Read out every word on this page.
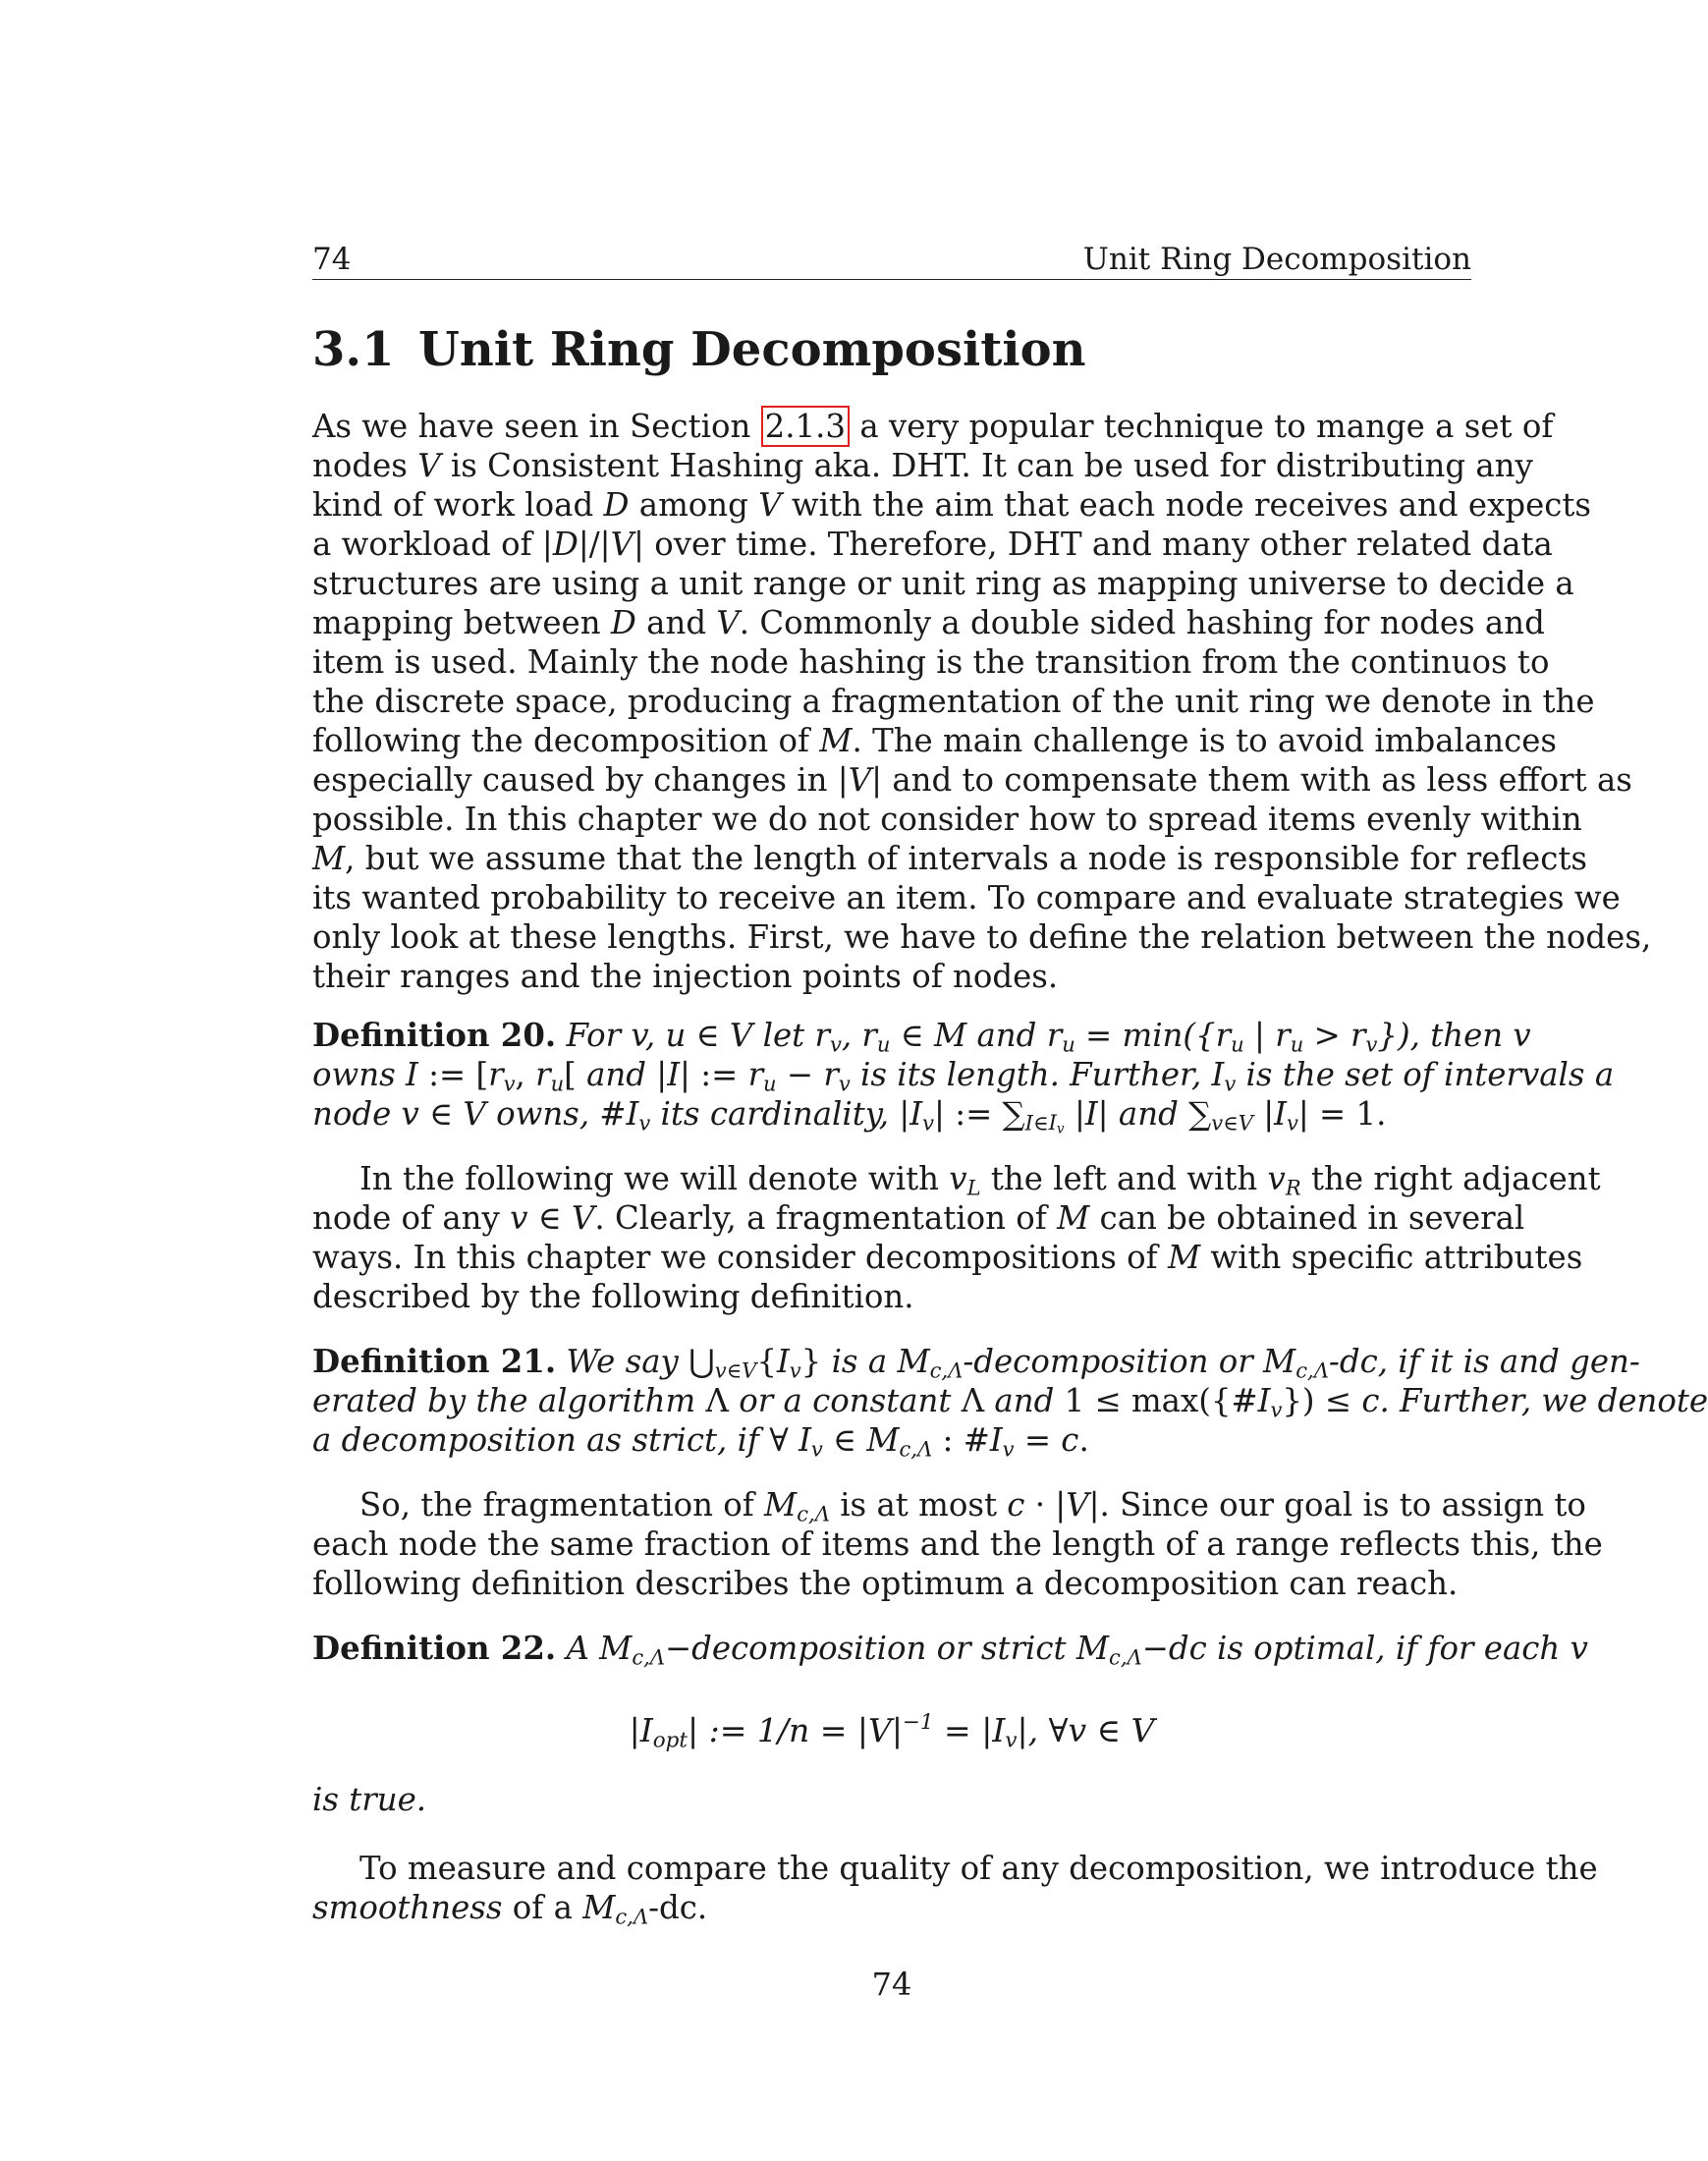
74	Unit Ring Decomposition
3.1 Unit Ring Decomposition
As we have seen in Section 2.1.3 a very popular technique to mange a set of
nodes V is Consistent Hashing aka. DHT. It can be used for distributing any
kind of work load D among V with the aim that each node receives and expects
a workload of |D|/|V| over time. Therefore, DHT and many other related data
structures are using a unit range or unit ring as mapping universe to decide a
mapping between D and V. Commonly a double sided hashing for nodes and
item is used. Mainly the node hashing is the transition from the continuos to
the discrete space, producing a fragmentation of the unit ring we denote in the
following the decomposition of M. The main challenge is to avoid imbalances
especially caused by changes in |V| and to compensate them with as less effort as
possible. In this chapter we do not consider how to spread items evenly within
M, but we assume that the length of intervals a node is responsible for reflects
its wanted probability to receive an item. To compare and evaluate strategies we
only look at these lengths. First, we have to define the relation between the nodes,
their ranges and the injection points of nodes.
Definition 20. For v, u ∈ V let $r_v$, $r_u$ ∈ M and $r_u = \min(\{r_u$ | $r_u > r_v$}), then v
owns I := [$r_v$, $r_u$[ and |I| := $r_u - r_v$ is its length. Further, $I_v$ is the set of intervals a
node v ∈ V owns, $\#I_v$ its cardinality, $|I_v|$ := $\sum_{I\in I_v}$ |I| and $\sum_{v\in V}$ $|I_v| = 1$.
In the following we will denote with $v_L$ the left and with $v_R$ the right adjacent
node of any v ∈ V. Clearly, a fragmentation of M can be obtained in several
ways. In this chapter we consider decompositions of M with specific attributes
described by the following definition.
Definition 21. We say $⋃_{v\in V}\{I_v\}$ is a $M_{c,\Lambda}$-decomposition or $M_{c,\Lambda}-dc$, if it is and gen-
erated by the algorithm Λ or a constant Λ and $1 \le \max(\{\#I_v\}) \le c$. Further, we denote
a decomposition as strict, if ∀ $I_v$ ∈ $M_{c,\Lambda}$ : $\#I_v = c$.
So, the fragmentation of $M_{c,\Lambda}$ is at most c · |V|. Since our goal is to assign to
each node the same fraction of items and the length of a range reflects this, the
following definition describes the optimum a decomposition can reach.
Definition 22. A $M_{c,\Lambda}-decomposition$ or strict $M_{c,\Lambda}-dc$ is optimal, if for each v
$|I_{opt}|$ := $1/n = |V|^{-1} = |I_v|$, ∀v ∈ V
is true.
To measure and compare the quality of any decomposition, we introduce the
smoothness of a $M_{c,\Lambda}-dc$.
74
